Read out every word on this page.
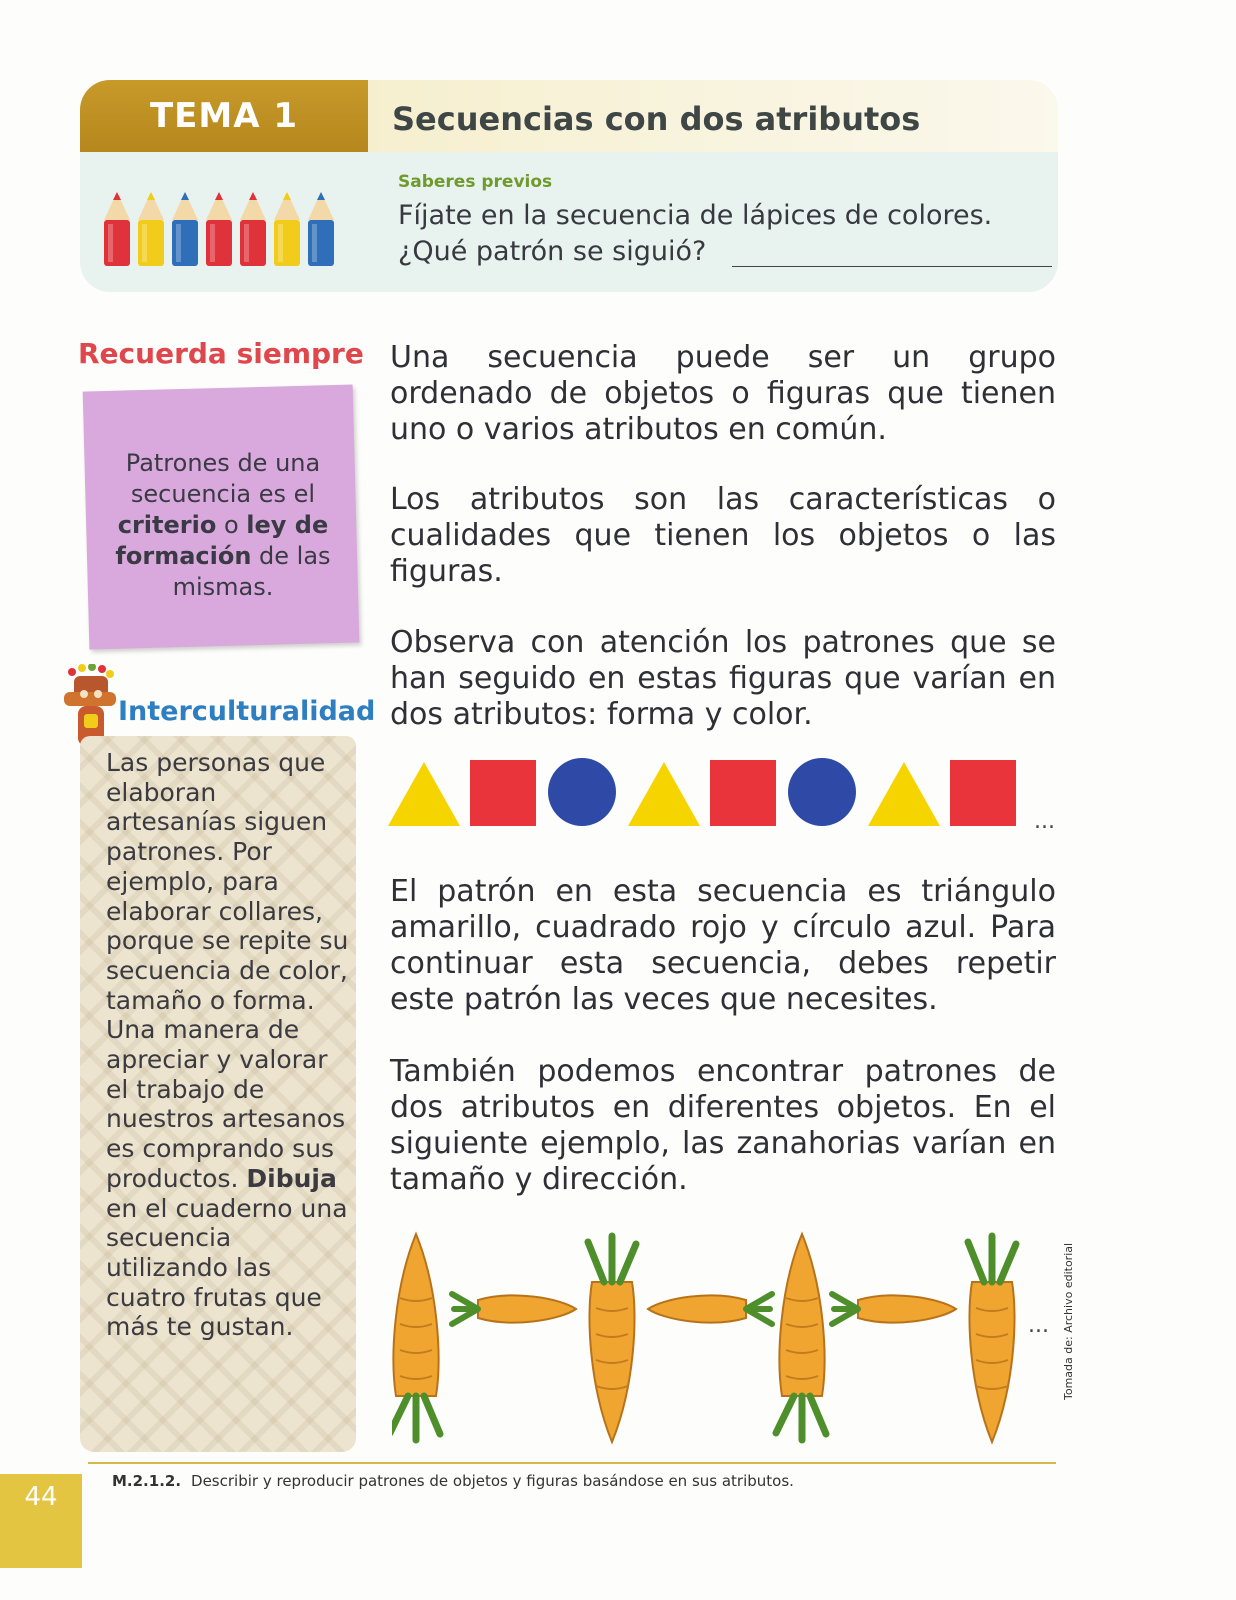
TEMA 1	Secuencias con dos atributos
Saberes previos
Fíjate en la secuencia de lápices de colores.
¿Qué patrón se siguió?
Recuerda siempre
Patrones de una
secuencia es el
criterio o ley de
formación de las
mismas.
Interculturalidad
Las personas que elaboran artesanías siguen patrones. Por ejemplo, para elaborar collares, porque se repite su secuencia de color, tamaño o forma. Una manera de apreciar y valorar el trabajo de nuestros artesanos es comprando sus productos. Dibuja en el cuaderno una secuencia utilizando las cuatro frutas que más te gustan.
Una secuencia puede ser un grupo ordenado de objetos o figuras que tienen uno o varios atributos en común.
Los atributos son las características o cualidades que tienen los objetos o las figuras.
Observa con atención los patrones que se han seguido en estas figuras que varían en dos atributos: forma y color.
...
El patrón en esta secuencia es triángulo amarillo, cuadrado rojo y círculo azul. Para continuar esta secuencia, debes repetir este patrón las veces que necesites.
También podemos encontrar patrones de dos atributos en diferentes objetos. En el siguiente ejemplo, las zanahorias varían en tamaño y dirección.
... Tomada de: Archivo editorial
M.2.1.2. Describir y reproducir patrones de objetos y figuras basándose en sus atributos.
44
